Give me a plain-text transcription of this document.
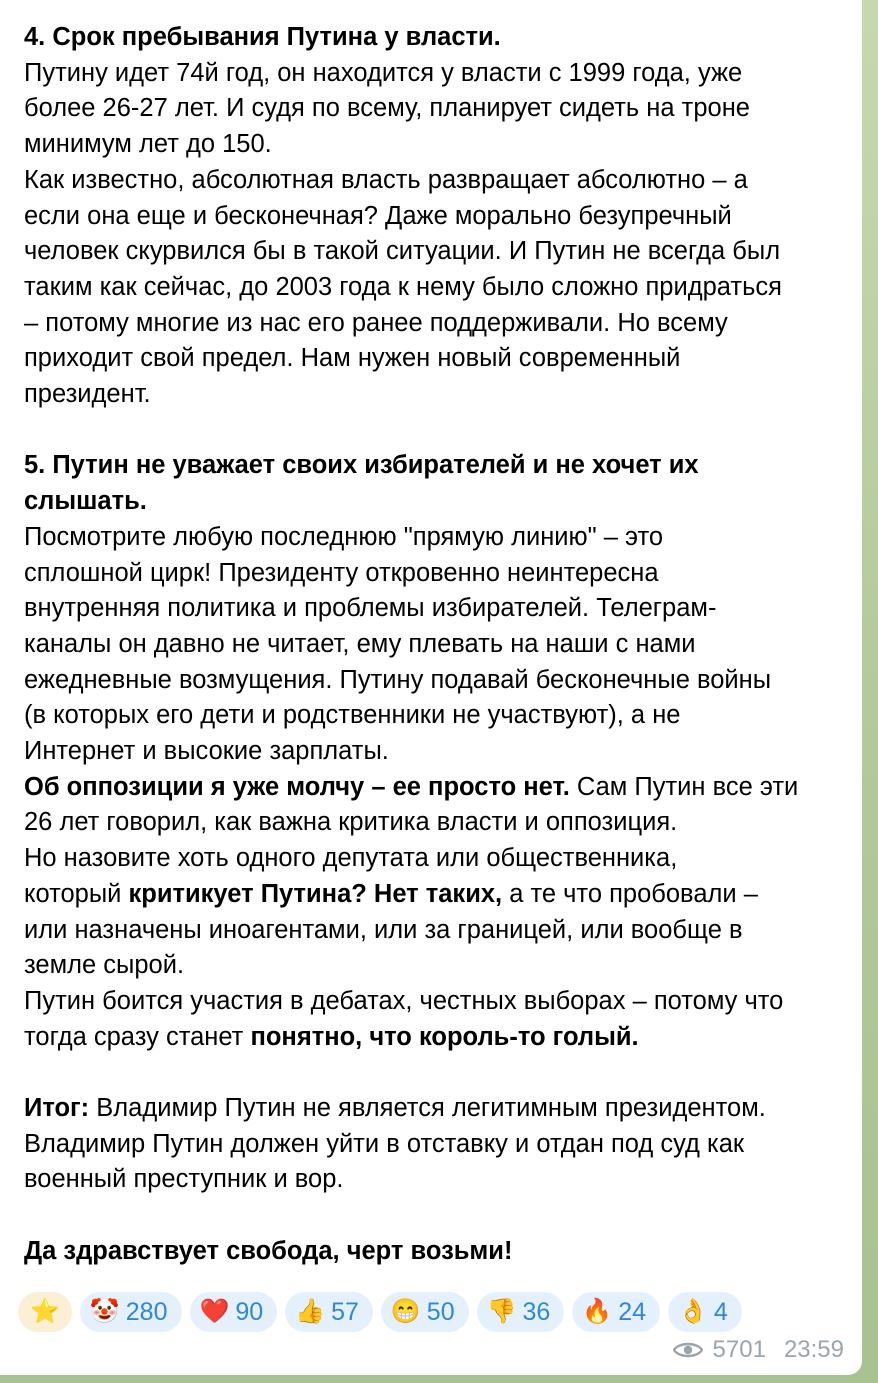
4. Срок пребывания Путина у власти.

Путину идет 74й год, он находится у власти с 1999 года, уже

более 26-27 лет. И судя по всему, планирует сидеть на троне

минимум лет до 150.

Как известно, абсолютная власть развращает абсолютно – а

если она еще и бесконечная? Даже морально безупречный

человек скурвился бы в такой ситуации. И Путин не всегда был

таким как сейчас, до 2003 года к нему было сложно придраться

– потому многие из нас его ранее поддерживали. Но всему

приходит свой предел. Нам нужен новый современный

президент.

5. Путин не уважает своих избирателей и не хочет их

слышать.

Посмотрите любую последнюю "прямую линию" – это

сплошной цирк! Президенту откровенно неинтересна

внутренняя политика и проблемы избирателей. Телеграм-

каналы он давно не читает, ему плевать на наши с нами

ежедневные возмущения. Путину подавай бесконечные войны

(в которых его дети и родственники не участвуют), а не

Интернет и высокие зарплаты.

Об оппозиции я уже молчу – ее просто нет. Сам Путин все эти

26 лет говорил, как важна критика власти и оппозиция.

Но назовите хоть одного депутата или общественника,

который критикует Путина? Нет таких, а те что пробовали –

или назначены иноагентами, или за границей, или вообще в

земле сырой.

Путин боится участия в дебатах, честных выборах – потому что

тогда сразу станет понятно, что король-то голый.

Итог: Владимир Путин не является легитимным президентом.

Владимир Путин должен уйти в отставку и отдан под суд как

военный преступник и вор.

Да здравствует свобода, черт возьми!

⭐ 🤡 280 ❤️ 90 👍 57 😁 50 👎 36 🔥 24 👌 4
5701 23:59
